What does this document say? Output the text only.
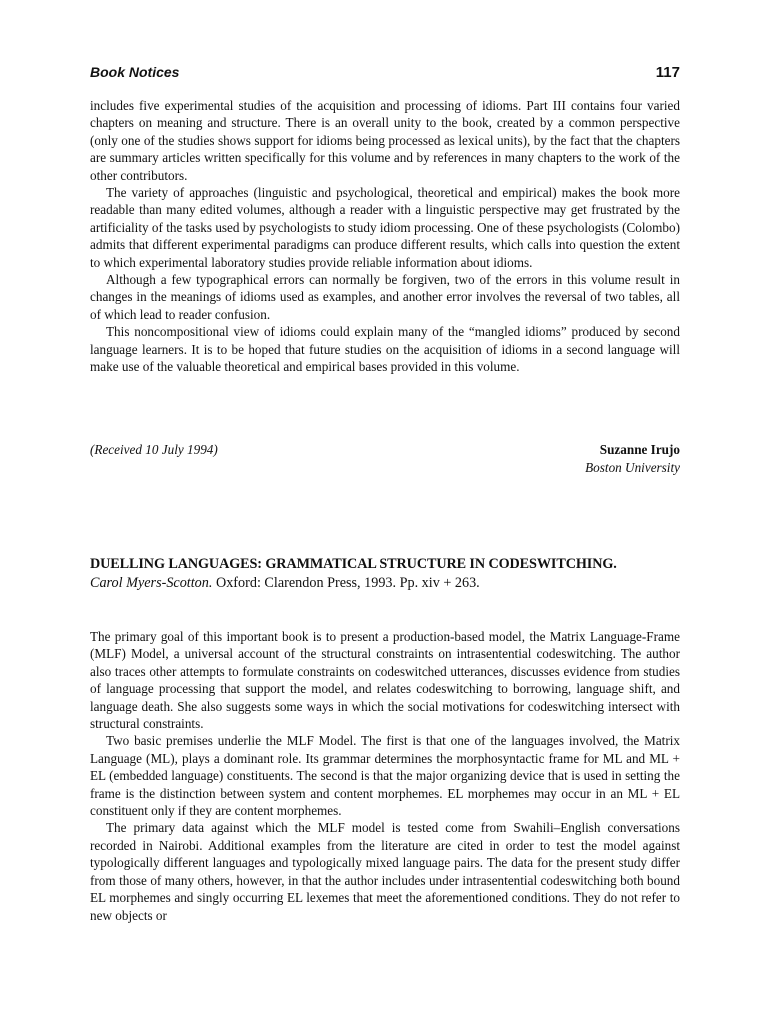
Book Notices	117

includes five experimental studies of the acquisition and processing of idioms. Part III contains four varied chapters on meaning and structure. There is an overall unity to the book, created by a common perspective (only one of the studies shows support for idioms being processed as lexical units), by the fact that the chapters are summary articles written specifically for this volume and by references in many chapters to the work of the other contributors.

The variety of approaches (linguistic and psychological, theoretical and empirical) makes the book more readable than many edited volumes, although a reader with a linguistic perspective may get frustrated by the artificiality of the tasks used by psychologists to study idiom processing. One of these psychologists (Colombo) admits that different experimental paradigms can produce different results, which calls into question the extent to which experimental laboratory studies provide reliable information about idioms.

Although a few typographical errors can normally be forgiven, two of the errors in this volume result in changes in the meanings of idioms used as examples, and another error involves the reversal of two tables, all of which lead to reader confusion.

This noncompositional view of idioms could explain many of the “mangled idioms” produced by second language learners. It is to be hoped that future studies on the acquisition of idioms in a second language will make use of the valuable theoretical and empirical bases provided in this volume.

(Received 10 July 1994)	Suzanne Irujo
Boston University
DUELLING LANGUAGES: GRAMMATICAL STRUCTURE IN CODESWITCHING.
Carol Myers-Scotton. Oxford: Clarendon Press, 1993. Pp. xiv + 263.

The primary goal of this important book is to present a production-based model, the Matrix Language-Frame (MLF) Model, a universal account of the structural constraints on intrasentential codeswitching. The author also traces other attempts to formulate constraints on codeswitched utterances, discusses evidence from studies of language processing that support the model, and relates codeswitching to borrowing, language shift, and language death. She also suggests some ways in which the social motivations for codeswitching intersect with structural constraints.

Two basic premises underlie the MLF Model. The first is that one of the languages involved, the Matrix Language (ML), plays a dominant role. Its grammar determines the morphosyntactic frame for ML and ML + EL (embedded language) constituents. The second is that the major organizing device that is used in setting the frame is the distinction between system and content morphemes. EL morphemes may occur in an ML + EL constituent only if they are content morphemes.

The primary data against which the MLF model is tested come from Swahili–English conversations recorded in Nairobi. Additional examples from the literature are cited in order to test the model against typologically different languages and typologically mixed language pairs. The data for the present study differ from those of many others, however, in that the author includes under intrasentential codeswitching both bound EL morphemes and singly occurring EL lexemes that meet the aforementioned conditions. They do not refer to new objects or
